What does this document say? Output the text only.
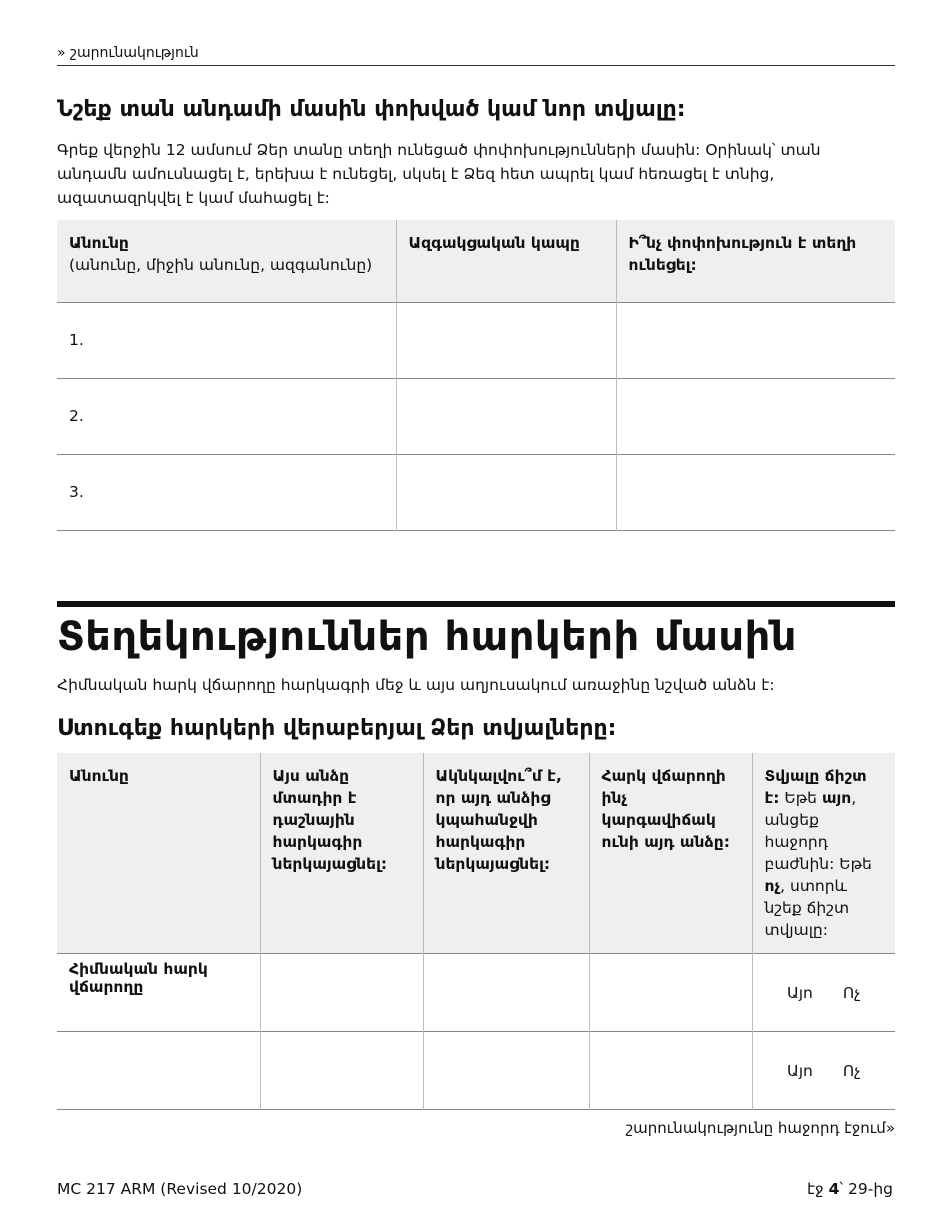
» շարունակություն
Նշեք տան անդամի մասին փոխված կամ նոր տվյալը:
Գրեք վերջին 12 ամսում Ձեր տանը տեղի ունեցած փոփոխությունների մասին: Օրինակ՝ տան անդամն ամուսնացել է, երեխա է ունեցել, սկսել է Ձեզ հետ ապրել կամ հեռացել է տնից, ազատազրկվել է կամ մահացել է:
Անունը
(անունը, միջին անունը, ազգանունը)	Ազգակցական կապը	Ի՞նչ փոփոխություն է տեղի ունեցել:
1.		
2.		
3.		
Տեղեկություններ հարկերի մասին
Հիմնական հարկ վճարողը հարկագրի մեջ և այս աղյուսակում առաջինը նշված անձն է:
Ստուգեք հարկերի վերաբերյալ Ձեր տվյալները:
Անունը	Այս անձը մտադիր է դաշնային հարկագիր ներկայացնել:	Ակնկալվու՞մ է, որ այդ անձից կպահանջվի հարկագիր ներկայացնել:	Հարկ վճարողի ինչ կարգավիճակ ունի այդ անձը:	Տվյալը ճիշտ է: Եթե այո, անցեք հաջորդ բաժնին: Եթե ոչ, ստորև նշեք ճիշտ տվյալը:
Հիմնական հարկ վճարողը				Այո Ոչ

				Այո Ոչ
շարունակությունը հաջորդ էջում»
MC 217 ARM (Revised 10/2020)	էջ 4՝ 29-ից
